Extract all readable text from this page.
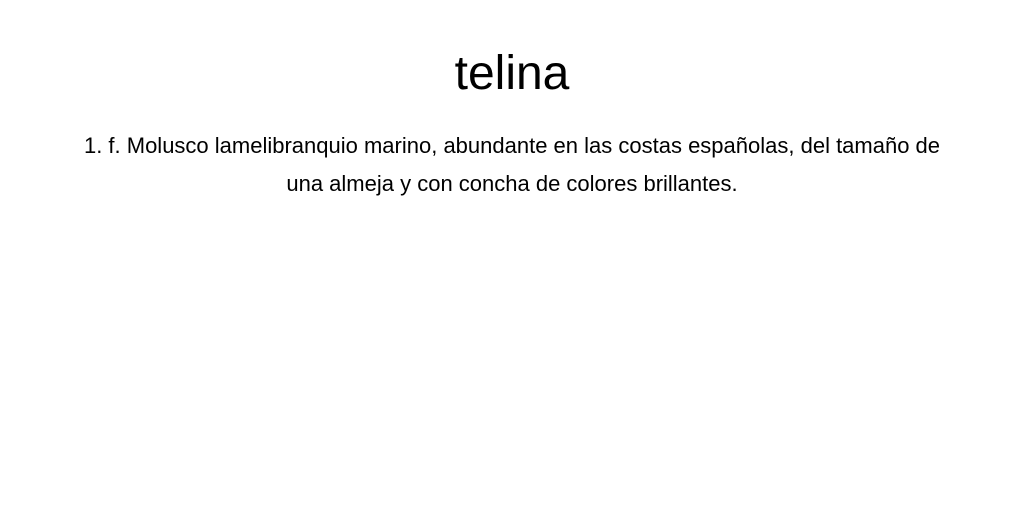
telina

1. f. Molusco lamelibranquio marino, abundante en las costas españolas, del tamaño de una almeja y con concha de colores brillantes.
